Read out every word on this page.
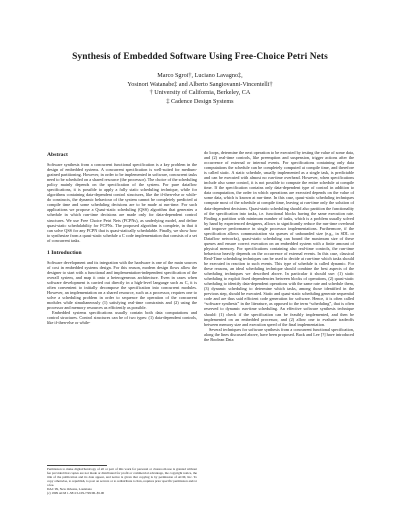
Synthesis of Embedded Software Using Free-Choice Petri Nets
Marco Sgroi†, Luciano Lavagno‡,
Yosinori Watanabe‡ and Alberto Sangiovanni-Vincentelli†
† University of California, Berkeley, CA
‡ Cadence Design Systems
Abstract

Software synthesis from a concurrent functional specification is a key problem in the design of embedded systems. A concurrent specification is well-suited for medium-grained partitioning. However, in order to be implemented in software, concurrent tasks need to be scheduled on a shared resource (the processor). The choice of the scheduling policy mainly depends on the specification of the system. For pure dataflow specifications, it is possible to apply a fully static scheduling technique, while for algorithms containing data-dependent control structures, like the if-then-else or while-do constructs, the dynamic behaviour of the system cannot be completely predicted at compile time and some scheduling decisions are to be made at run-time. For such applications we propose a Quasi-static scheduling (QSS) algorithm that generates a schedule in which run-time decisions are made only for data-dependent control structures. We use Free Choice Petri Nets (FCPNs), as underlying model, and define quasi-static schedulability for FCPNs. The proposed algorithm is complete, in that it can solve QSS for any FCPN that is quasi-statically schedulable. Finally, we show how to synthesize from a quasi-static schedule a C code implementation that consists of a set of concurrent tasks.

1 Introduction

Software development and its integration with the hardware is one of the main sources of cost in embedded systems design. For this reason, modern design flows allow the designer to start with a functional and implementation-independent specification of the overall system, and map it onto a heterogeneous architecture. Even in cases when software development is carried out directly in a high-level language such as C, it is often convenient to initially decompose the specification into concurrent modules. However, an implementation on a shared resource, such as a processor, requires one to solve a scheduling problem in order to sequence the operation of the concurrent modules while simultaneously (1) satisfying real-time constraints and (2) using the processor and memory resources as efficiently as possible.

Embedded systems specifications usually contain both data computations and control structures. Control structures can be of two types: (1) data-dependent controls, like if-then-else or while-

do loops, determine the next operation to be executed by testing the value of some data, and (2) real-time controls, like preemption and suspension, trigger actions after the occurrence of external or internal events. For specifications containing only data computations the schedule can be completely computed at compile time, and therefore is called static. A static schedule, usually implemented as a single task, is predictable and can be executed with almost no run-time overhead. However, when specifications include also some control, it is not possible to compute the entire schedule at compile time. If the specification contains only data-dependent type of control in addition to data computation, the order in which operations are executed depends on the value of some data, which is known at run-time. In this case, quasi-static scheduling techniques compute most of the schedule at compile time, leaving at run-time only the solution of data-dependent decisions. Quasi-static scheduling should also partition the functionality of the specification into tasks, i.e. functional blocks having the same execution rate. Finding a partition with minimum number of tasks, which is a problem usually solved by hand by experienced designers, allows to significantly reduce the run-time overhead and improve performance in single processor implementations. Furthermore, if the specification allows communication via queues of unbounded size (e.g., in SDL or Dataflow networks), quasi-static scheduling can bound the maximum size of these queues and ensure correct execution on an embedded system with a finite amount of physical memory. For specifications containing also real-time controls, the run-time behaviour heavily depends on the occurrence of external events. In this case, classical Real-Time scheduling techniques can be used to decide at run-time which tasks should be executed in reaction to such events. This type of schedule is called dynamic. For these reasons, an ideal scheduling technique should combine the best aspects of the scheduling techniques we described above. In particular it should use: (1) static scheduling to exploit fixed dependencies between blocks of operations, (2) quasi-static scheduling to identify data-dependent operations with the same rate and schedule them, (3) dynamic scheduling to determine which tasks, among those identified in the previous step, should be executed. Static and quasi-static scheduling generate sequential code and are thus said efficient code generation for software. Hence, it is often called “software synthesis” in the literature, as opposed to the term “scheduling”, that is often reserved to dynamic run-time scheduling. An effective software synthesis technique should: (1) check if the specification can be feasibly implemented, and then be implemented on an embedded processor, and (2) allow one to evaluate tradeoffs between memory size and execution speed of the final implementation.

Several techniques for software synthesis from a concurrent functional specification, along the lines discussed above, have been proposed. Buck and Lee [?] have introduced the Boolean Data

Permission to make digital/hardcopy of all or part of this work for personal or classroom use is granted without fee provided that copies are not made or distributed for profit or commercial advantage, the copyright notice, the title of the publication and its date appear, and notice is given that copying is by permission of ACM, Inc. To copy otherwise, to republish, to post on servers or to redistribute to lists, requires prior specific permission and/or a fee.
DAC 99, New Orleans, Louisiana
(c) 1999 ACM 1-58113-109-7/99/06..$5.00
